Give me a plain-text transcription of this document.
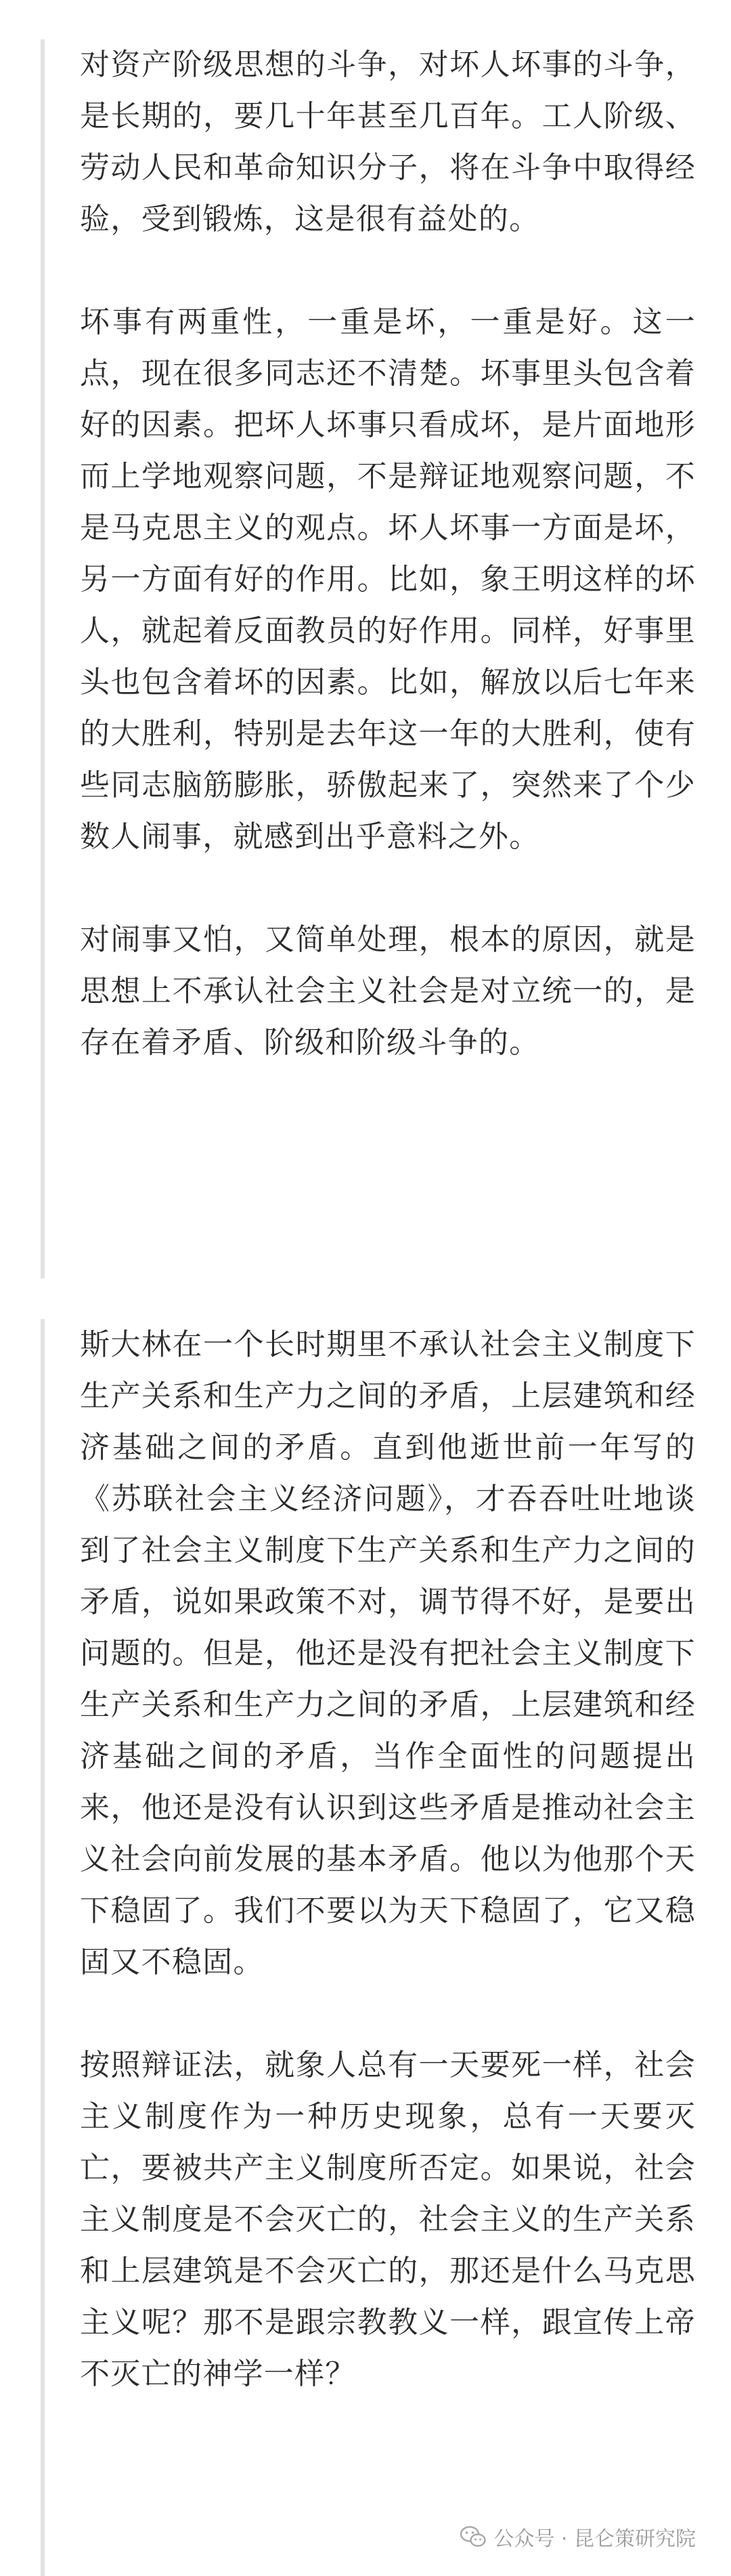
对资产阶级思想的斗争，对坏人坏事的斗争，是长期的，要几十年甚至几百年。工人阶级、劳动人民和革命知识分子，将在斗争中取得经验，受到锻炼，这是很有益处的。

坏事有两重性，一重是坏，一重是好。这一点，现在很多同志还不清楚。坏事里头包含着好的因素。把坏人坏事只看成坏，是片面地形而上学地观察问题，不是辩证地观察问题，不是马克思主义的观点。坏人坏事一方面是坏，另一方面有好的作用。比如，象王明这样的坏人，就起着反面教员的好作用。同样，好事里头也包含着坏的因素。比如，解放以后七年来的大胜利，特别是去年这一年的大胜利，使有些同志脑筋膨胀，骄傲起来了，突然来了个少数人闹事，就感到出乎意料之外。

对闹事又怕，又简单处理，根本的原因，就是思想上不承认社会主义社会是对立统一的，是存在着矛盾、阶级和阶级斗争的。

斯大林在一个长时期里不承认社会主义制度下生产关系和生产力之间的矛盾，上层建筑和经济基础之间的矛盾。直到他逝世前一年写的《苏联社会主义经济问题》，才吞吞吐吐地谈到了社会主义制度下生产关系和生产力之间的矛盾，说如果政策不对，调节得不好，是要出问题的。但是，他还是没有把社会主义制度下生产关系和生产力之间的矛盾，上层建筑和经济基础之间的矛盾，当作全面性的问题提出来，他还是没有认识到这些矛盾是推动社会主义社会向前发展的基本矛盾。他以为他那个天下稳固了。我们不要以为天下稳固了，它又稳固又不稳固。

按照辩证法，就象人总有一天要死一样，社会主义制度作为一种历史现象，总有一天要灭亡，要被共产主义制度所否定。如果说，社会主义制度是不会灭亡的，社会主义的生产关系和上层建筑是不会灭亡的，那还是什么马克思主义呢？那不是跟宗教教义一样，跟宣传上帝不灭亡的神学一样？

公众号 · 昆仑策研究院
